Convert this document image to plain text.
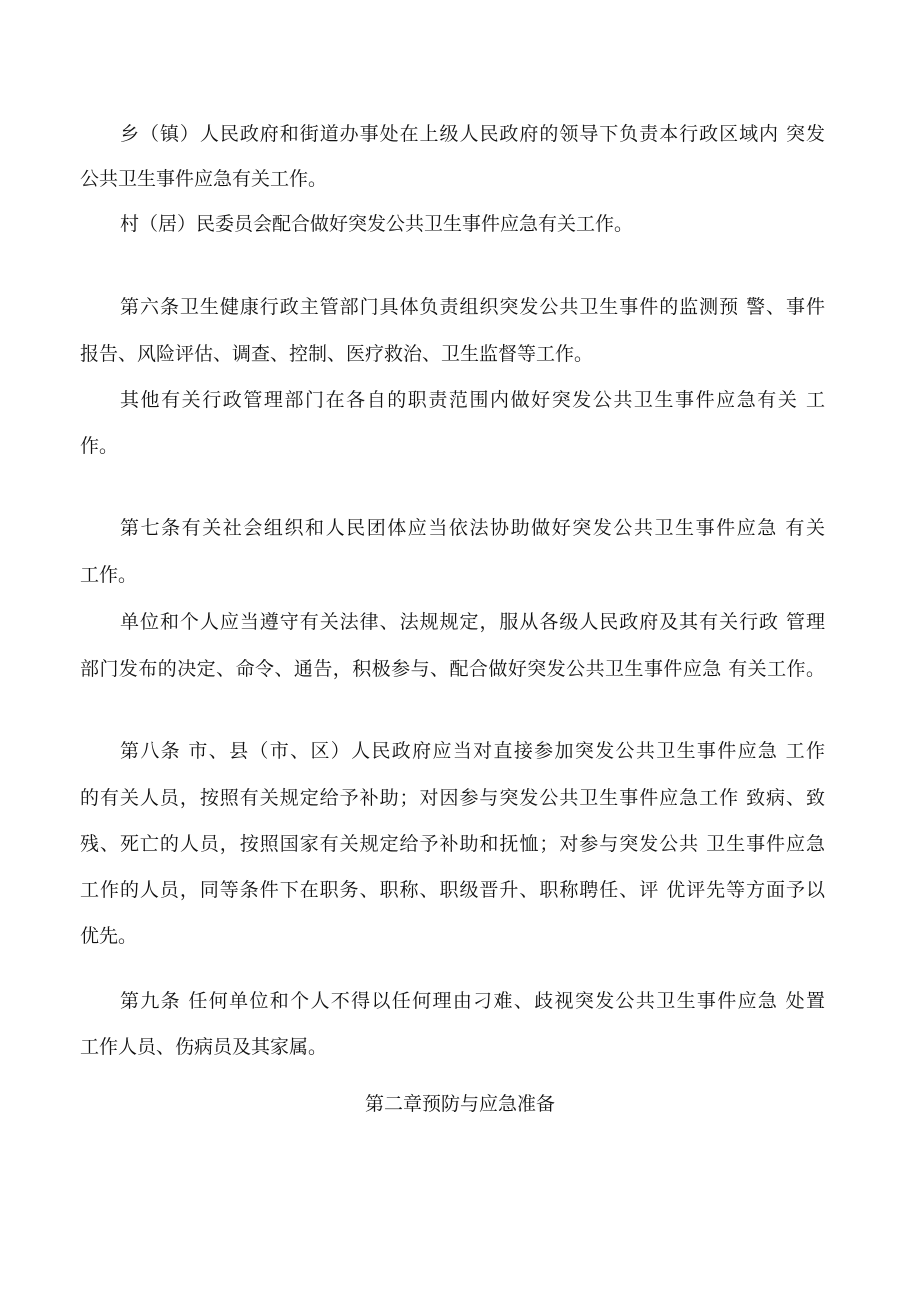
乡（镇）人民政府和街道办事处在上级人民政府的领导下负责本行政区域内 突发
公共卫生事件应急有关工作。
村（居）民委员会配合做好突发公共卫生事件应急有关工作。
第六条卫生健康行政主管部门具体负责组织突发公共卫生事件的监测预 警、事件
报告、风险评估、调查、控制、医疗救治、卫生监督等工作。
其他有关行政管理部门在各自的职责范围内做好突发公共卫生事件应急有关 工
作。
第七条有关社会组织和人民团体应当依法协助做好突发公共卫生事件应急 有关
工作。
单位和个人应当遵守有关法律、法规规定，服从各级人民政府及其有关行政 管理
部门发布的决定、命令、通告，积极参与、配合做好突发公共卫生事件应急 有关工作。
第八条 市、县（市、区）人民政府应当对直接参加突发公共卫生事件应急 工作
的有关人员，按照有关规定给予补助；对因参与突发公共卫生事件应急工作 致病、致
残、死亡的人员，按照国家有关规定给予补助和抚恤；对参与突发公共 卫生事件应急
工作的人员，同等条件下在职务、职称、职级晋升、职称聘任、评 优评先等方面予以
优先。
第九条 任何单位和个人不得以任何理由刁难、歧视突发公共卫生事件应急 处置
工作人员、伤病员及其家属。
第二章预防与应急准备
